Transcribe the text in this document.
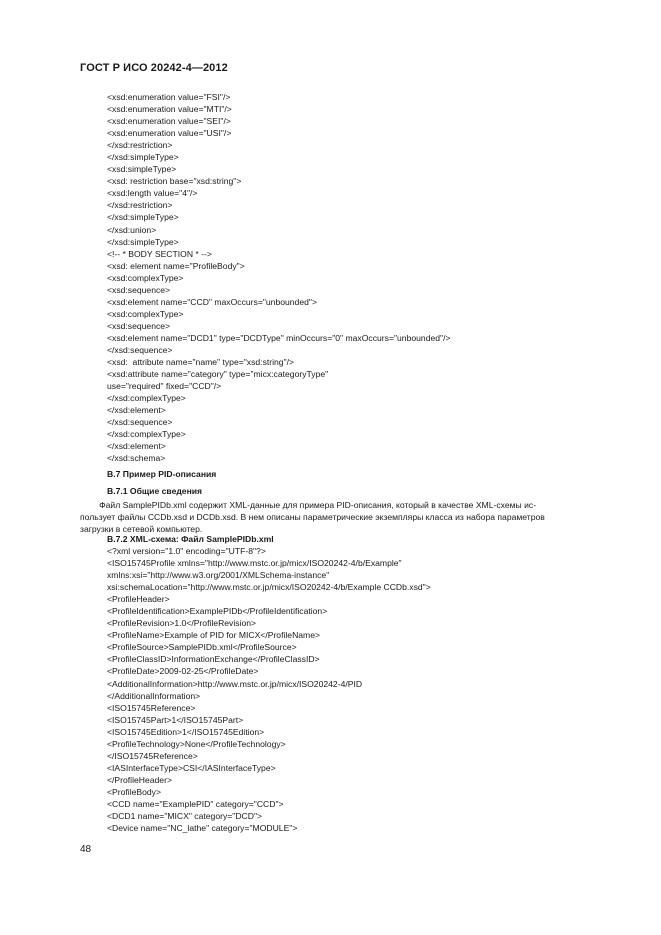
ГОСТ Р ИСО 20242-4—2012
<xsd:enumeration value="FSI"/>
<xsd:enumeration value="MTI"/>
<xsd:enumeration value="SEI"/>
<xsd:enumeration value="USI"/>
</xsd:restriction>
</xsd:simpleType>
<xsd:simpleType>
<xsd: restriction base="xsd:string">
<xsd:length value="4"/>
</xsd:restriction>
</xsd:simpleType>
</xsd:union>
</xsd:simpleType>
<!-- * BODY SECTION * -->
<xsd: element name="ProfileBody">
<xsd:complexType>
<xsd:sequence>
<xsd:element name="CCD" maxOccurs="unbounded">
<xsd:complexType>
<xsd:sequence>
<xsd:element name="DCD1" type="DCDType" minOccurs="0" maxOccurs="unbounded"/>
</xsd:sequence>
<xsd:  attribute name="name" type="xsd:string"/>
<xsd:attribute name="category" type="micx:categoryType"
use="required" fixed="CCD"/>
</xsd:complexType>
</xsd:element>
</xsd:sequence>
</xsd:complexType>
</xsd:element>
</xsd:schema>
B.7 Пример PID-описания
B.7.1 Общие сведения
Файл SamplePIDb.xml содержит XML-данные для примера PID-описания, который в качестве XML-схемы ис-
пользует файлы CCDb.xsd и DCDb.xsd. В нем описаны параметрические экземпляры класса из набора параметров
загрузки в сетевой компьютер.
B.7.2 XML-схема: Файл SamplePIDb.xml
<?xml version="1.0" encoding="UTF-8"?>
<ISO15745Profile xmlns="http://www.mstc.or.jp/micx/ISO20242-4/b/Example"
xmlns:xsi="http://www.w3.org/2001/XMLSchema-instance"
xsi:schemaLocation="http://www.mstc.or.jp/micx/ISO20242-4/b/Example CCDb.xsd">
<ProfileHeader>
<ProfileIdentification>ExamplePIDb</ProfileIdentification>
<ProfileRevision>1.0</ProfileRevision>
<ProfileName>Example of PID for MICX</ProfileName>
<ProfileSource>SamplePIDb.xml</ProfileSource>
<ProfileClassID>InformationExchange</ProfileClassID>
<ProfileDate>2009-02-25</ProfileDate>
<AdditionalInformation>http://www.mstc.or.jp/micx/ISO20242-4/PID
</AdditionalInformation>
<ISO15745Reference>
<ISO15745Part>1</ISO15745Part>
<ISO15745Edition>1</ISO15745Edition>
<ProfileTechnology>None</ProfileTechnology>
</ISO15745Reference>
<IASInterfaceType>CSI</IASInterfaceType>
</ProfileHeader>
<ProfileBody>
<CCD name="ExamplePID" category="CCD">
<DCD1 name="MICX" category="DCD">
<Device name="NC_lathe" category="MODULE">
48
